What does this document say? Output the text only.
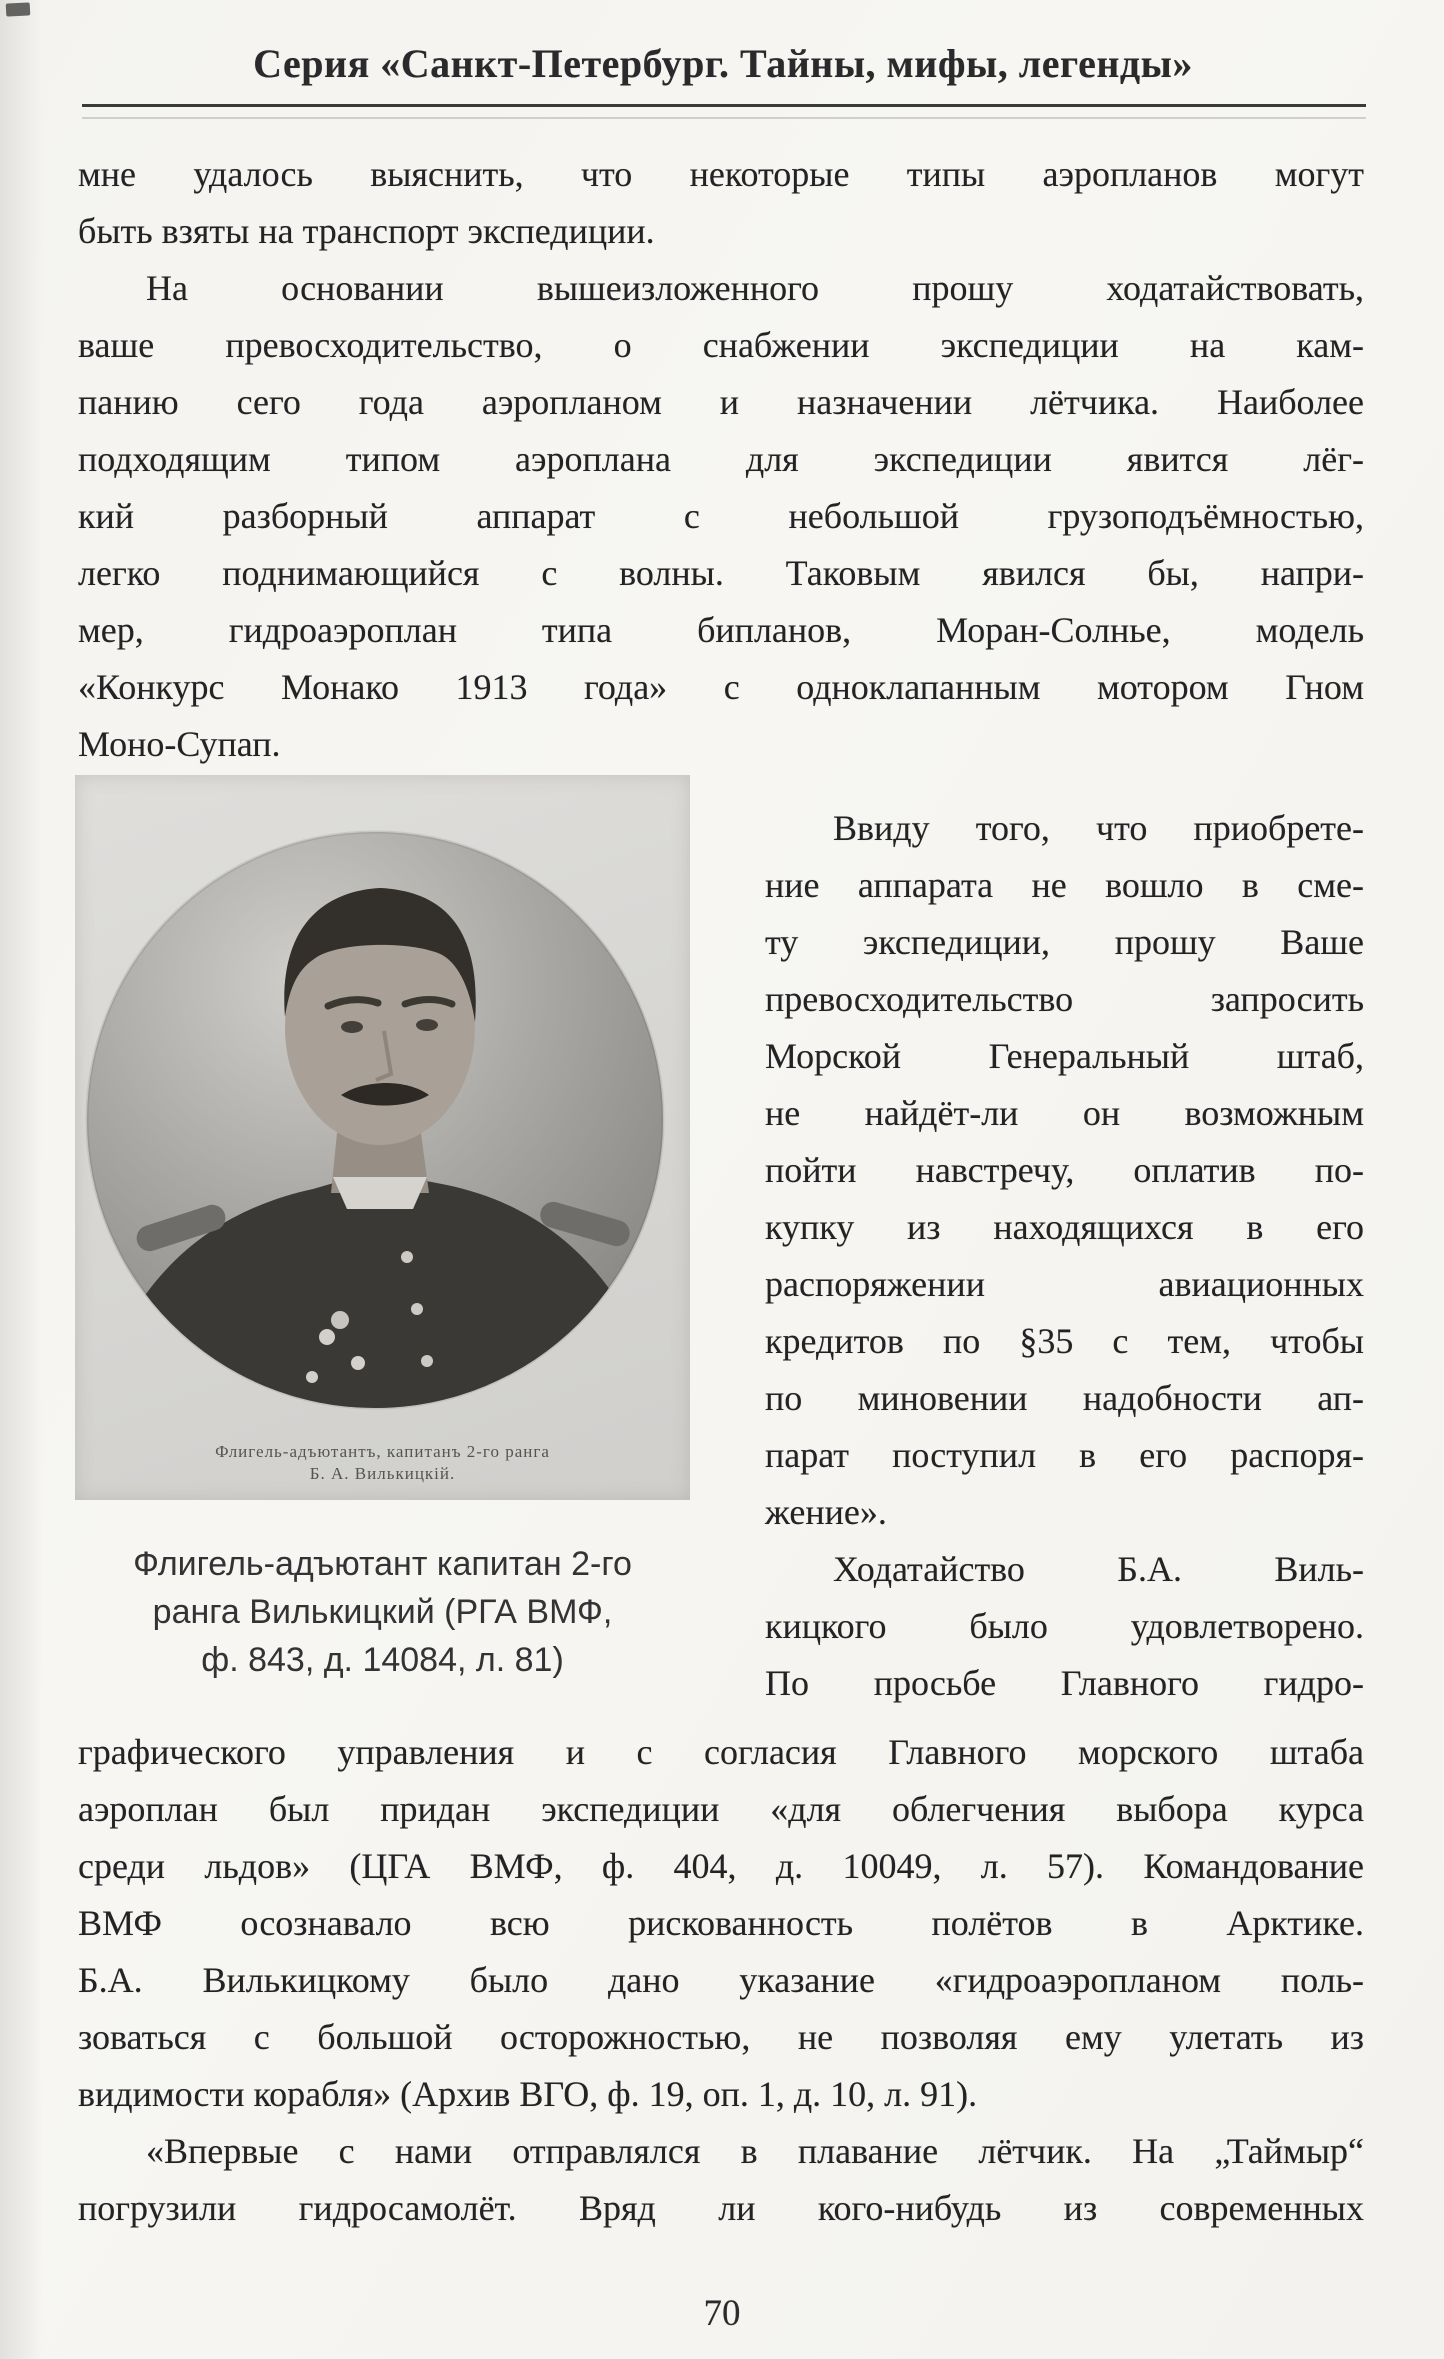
Серия «Санкт-Петербург. Тайны, мифы, легенды»
мне удалось выяснить, что некоторые типы аэропланов могут
быть взяты на транспорт экспедиции.
На основании вышеизложенного прошу ходатайствовать,
ваше превосходительство, о снабжении экспедиции на кам-
панию сего года аэропланом и назначении лётчика. Наиболее
подходящим типом аэроплана для экспедиции явится лёг-
кий разборный аппарат с небольшой грузоподъёмностью,
легко поднимающийся с волны. Таковым явился бы, напри-
мер, гидроаэроплан типа бипланов, Моран-Солнье, модель
«Конкурс Монако 1913 года» с одноклапанным мотором Гном
Моно-Супап.
Флигель-адъютантъ, капитанъ 2-го ранга
Б. А. Вилькицкій.
Флигель-адъютант капитан 2-го
ранга Вилькицкий (РГА ВМФ,
ф. 843, д. 14084, л. 81)
Ввиду того, что приобрете-
ние аппарата не вошло в сме-
ту экспедиции, прошу Ваше
превосходительство запросить
Морской Генеральный штаб,
не найдёт-ли он возможным
пойти навстречу, оплатив по-
купку из находящихся в его
распоряжении авиационных
кредитов по §35 с тем, чтобы
по миновении надобности ап-
парат поступил в его распоря-
жение».
Ходатайство Б.А. Виль-
кицкого было удовлетворено.
По просьбе Главного гидро-
графического управления и с согласия Главного морского штаба
аэроплан был придан экспедиции «для облегчения выбора курса
среди льдов» (ЦГА ВМФ, ф. 404, д. 10049, л. 57). Командование
ВМФ осознавало всю рискованность полётов в Арктике.
Б.А. Вилькицкому было дано указание «гидроаэропланом поль-
зоваться с большой осторожностью, не позволяя ему улетать из
видимости корабля» (Архив ВГО, ф. 19, оп. 1, д. 10, л. 91).
«Впервые с нами отправлялся в плавание лётчик. На „Таймыр“
погрузили гидросамолёт. Вряд ли кого-нибудь из современных
70
